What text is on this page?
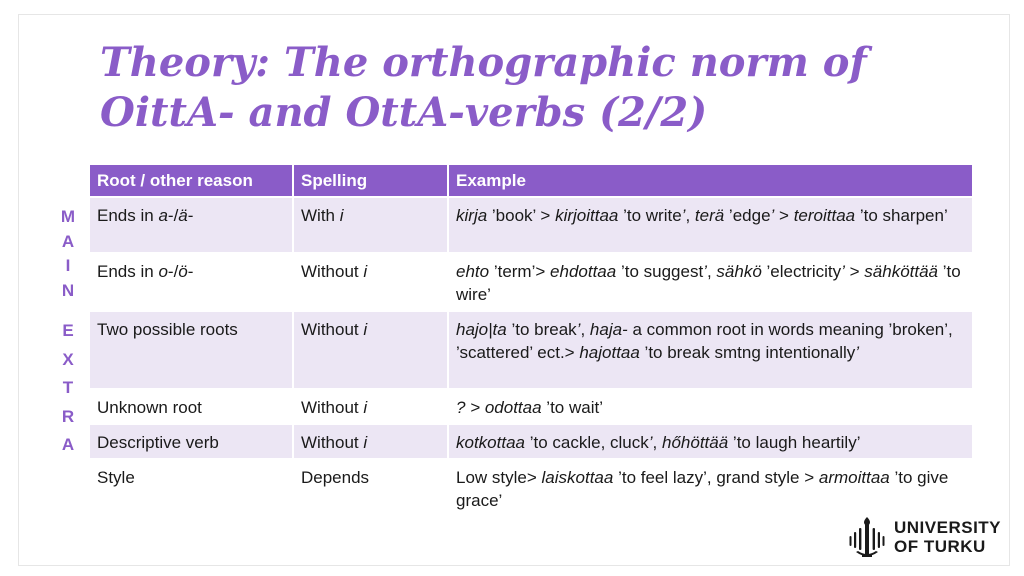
Theory: The orthographic norm of OittA- and OttA-verbs (2/2)
M
A
I
N
E
X
T
R
A
Root / other reason	Spelling	Example
Ends in a-/ä-	With i	kirja ’book’ > kirjoittaa ’to write’, terä ’edge’ > teroittaa ’to sharpen’
Ends in o-/ö-	Without i	ehto ’term’> ehdottaa ’to suggest’, sähkö ’electricity’ > sähköttää ’to wire’
Two possible roots	Without i	hajo|ta ’to break’, haja- a common root in words meaning ’broken’, ’scattered’ ect.> hajottaa ’to break smtng intentionally’
Unknown root	Without i	? > odottaa ’to wait’
Descriptive verb	Without i	kotkottaa ’to cackle, cluck’, hőhöttää ’to laugh heartily’
Style	Depends	Low style> laiskottaa ’to feel lazy’, grand style > armoittaa ’to give grace’
UNIVERSITY
OF TURKU
